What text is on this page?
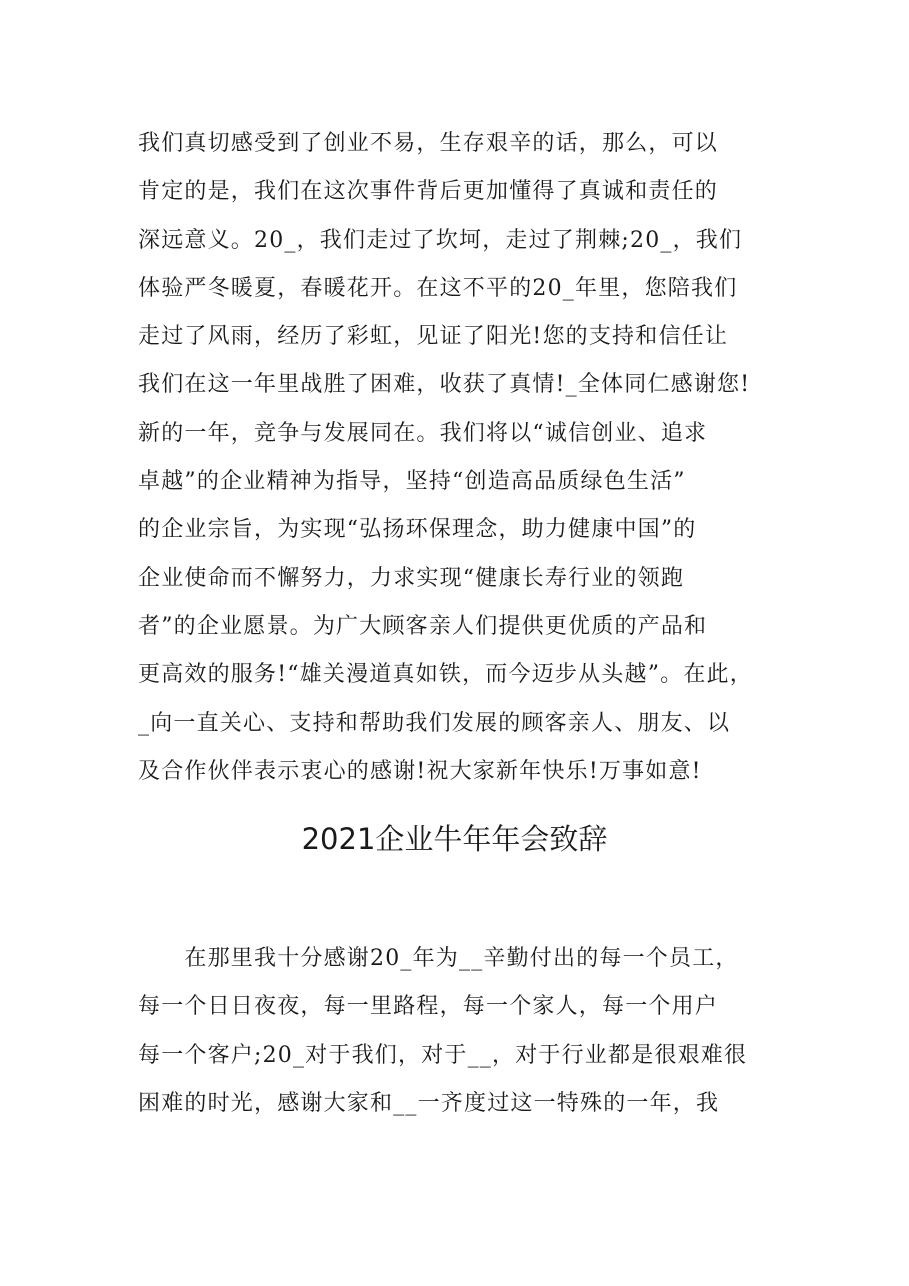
我们真切感受到了创业不易，生存艰辛的话，那么，可以
肯定的是，我们在这次事件背后更加懂得了真诚和责任的
深远意义。20_，我们走过了坎坷，走过了荆棘;20_，我们
体验严冬暖夏，春暖花开。在这不平的20_年里，您陪我们
走过了风雨，经历了彩虹，见证了阳光!您的支持和信任让
我们在这一年里战胜了困难，收获了真情!_全体同仁感谢您!
新的一年，竞争与发展同在。我们将以“诚信创业、追求
卓越”的企业精神为指导，坚持“创造高品质绿色生活”
的企业宗旨，为实现“弘扬环保理念，助力健康中国”的
企业使命而不懈努力，力求实现“健康长寿行业的领跑
者”的企业愿景。为广大顾客亲人们提供更优质的产品和
更高效的服务!“雄关漫道真如铁，而今迈步从头越”。在此，
_向一直关心、支持和帮助我们发展的顾客亲人、朋友、以
及合作伙伴表示衷心的感谢!祝大家新年快乐!万事如意!
2021企业牛年年会致辞
　　在那里我十分感谢20_年为__辛勤付出的每一个员工，
每一个日日夜夜，每一里路程，每一个家人，每一个用户
每一个客户;20_对于我们，对于__，对于行业都是很艰难很
困难的时光，感谢大家和__一齐度过这一特殊的一年，我
